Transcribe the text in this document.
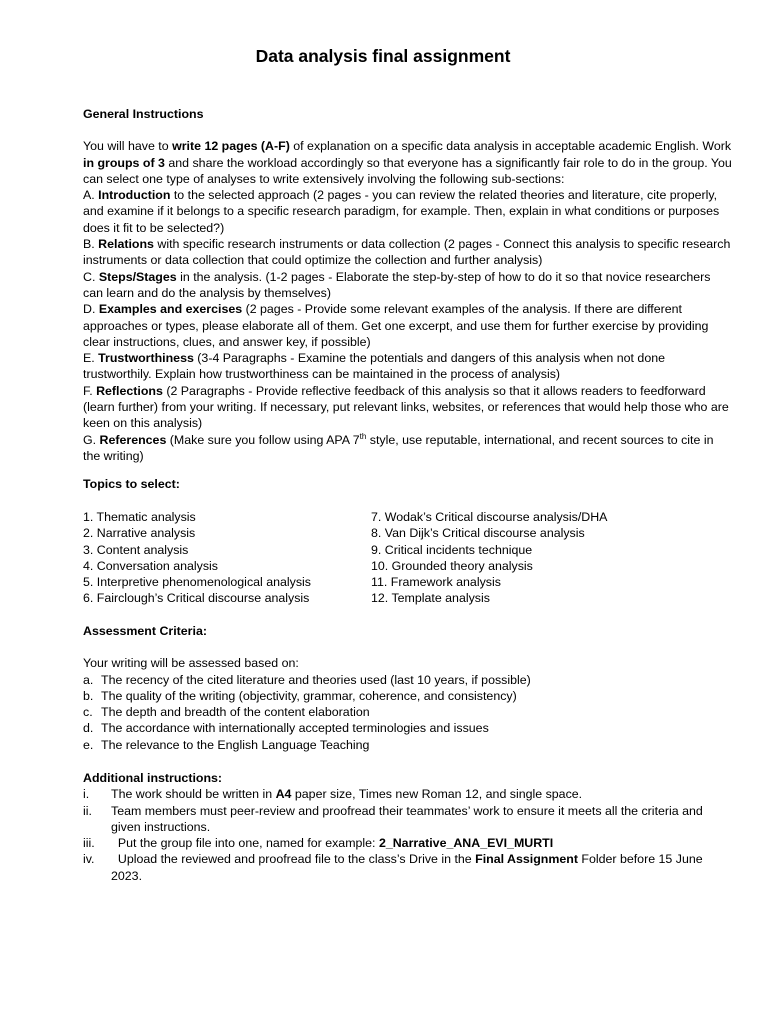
Data analysis final assignment

General Instructions

You will have to write 12 pages (A-F) of explanation on a specific data analysis in acceptable academic English. Work in groups of 3 and share the workload accordingly so that everyone has a significantly fair role to do in the group. You can select one type of analyses to write extensively involving the following sub-sections:

A. Introduction to the selected approach (2 pages - you can review the related theories and literature, cite properly, and examine if it belongs to a specific research paradigm, for example. Then, explain in what conditions or purposes does it fit to be selected?)

B. Relations with specific research instruments or data collection (2 pages - Connect this analysis to specific research instruments or data collection that could optimize the collection and further analysis)

C. Steps/Stages in the analysis. (1-2 pages - Elaborate the step-by-step of how to do it so that novice researchers can learn and do the analysis by themselves)

D. Examples and exercises (2 pages - Provide some relevant examples of the analysis. If there are different approaches or types, please elaborate all of them. Get one excerpt, and use them for further exercise by providing clear instructions, clues, and answer key, if possible)

E. Trustworthiness (3-4 Paragraphs - Examine the potentials and dangers of this analysis when not done trustworthily. Explain how trustworthiness can be maintained in the process of analysis)

F. Reflections (2 Paragraphs - Provide reflective feedback of this analysis so that it allows readers to feedforward (learn further) from your writing. If necessary, put relevant links, websites, or references that would help those who are keen on this analysis)

G. References (Make sure you follow using APA 7th style, use reputable, international, and recent sources to cite in the writing)

Topics to select:

1. Thematic analysis
2. Narrative analysis
3. Content analysis
4. Conversation analysis
5. Interpretive phenomenological analysis
6. Fairclough’s Critical discourse analysis
7. Wodak’s Critical discourse analysis/DHA
8. Van Dijk’s Critical discourse analysis
9. Critical incidents technique
10. Grounded theory analysis
11. Framework analysis
12. Template analysis

Assessment Criteria:

Your writing will be assessed based on:

a. The recency of the cited literature and theories used (last 10 years, if possible)
b. The quality of the writing (objectivity, grammar, coherence, and consistency)
c. The depth and breadth of the content elaboration
d. The accordance with internationally accepted terminologies and issues
e. The relevance to the English Language Teaching

Additional instructions:

i. The work should be written in A4 paper size, Times new Roman 12, and single space.
ii. Team members must peer-review and proofread their teammates’ work to ensure it meets all the criteria and given instructions.
iii. Put the group file into one, named for example: 2_Narrative_ANA_EVI_MURTI
iv. Upload the reviewed and proofread file to the class’s Drive in the Final Assignment Folder before 15 June 2023.
